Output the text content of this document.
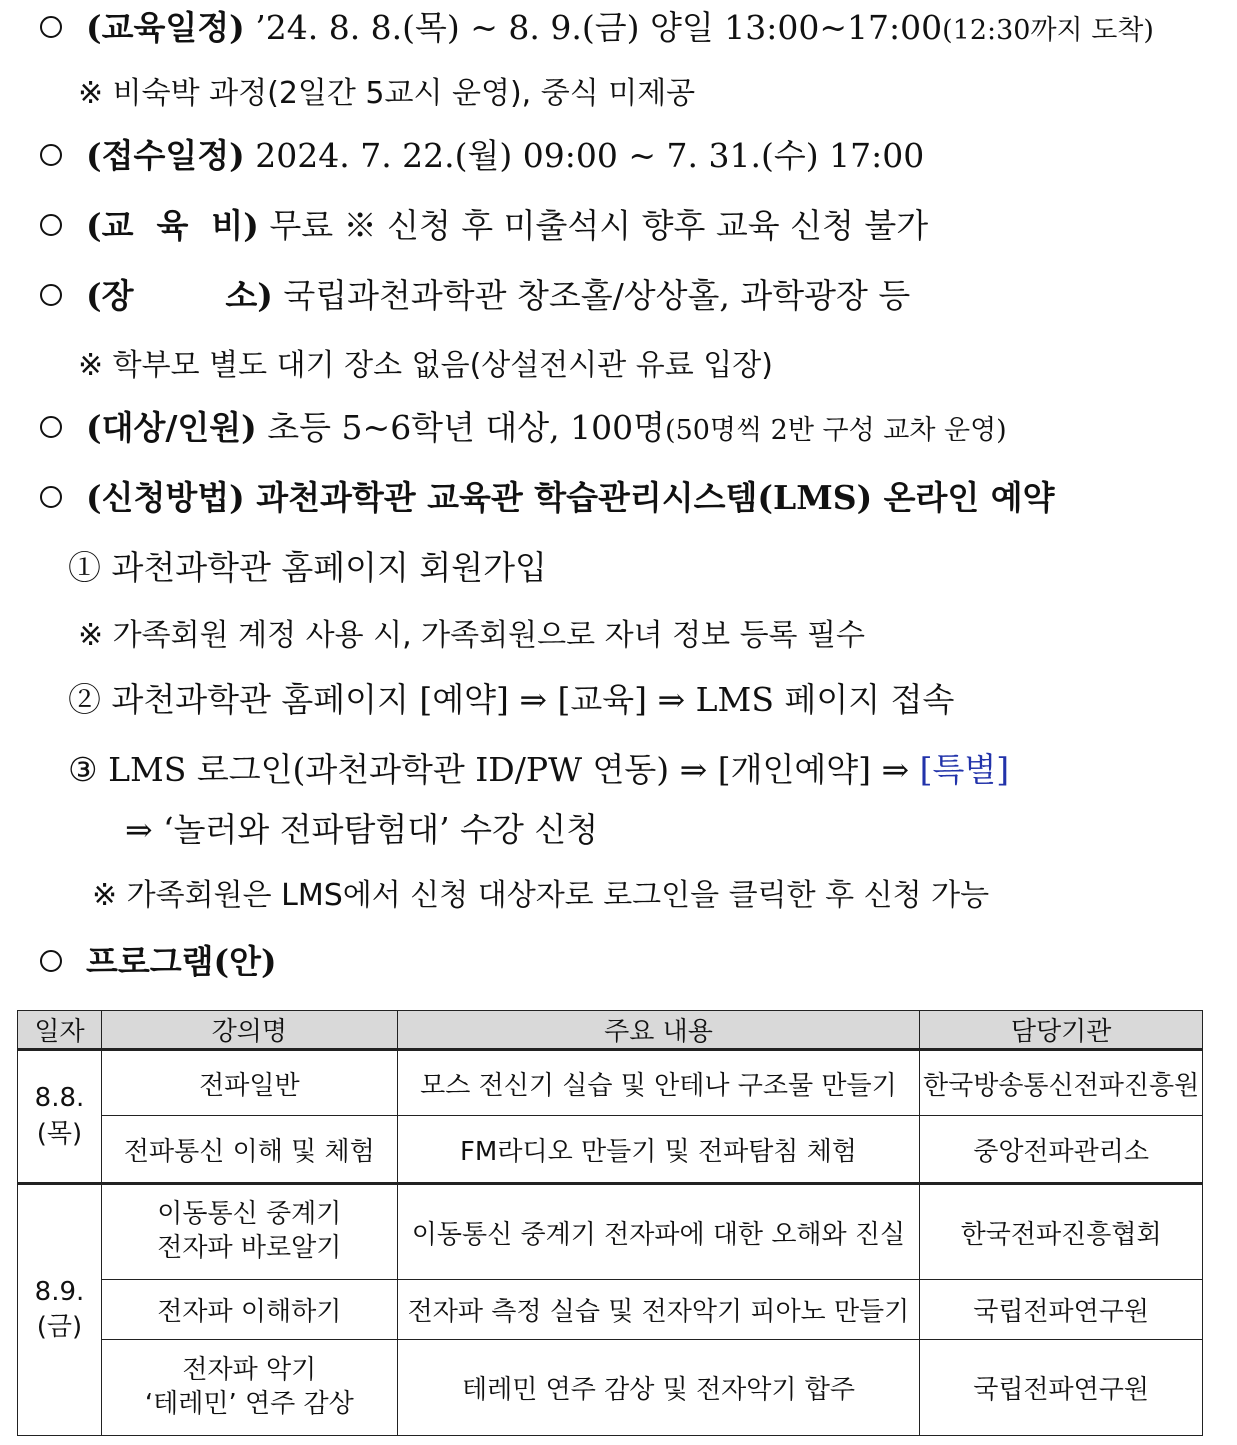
(교육일정) ’24. 8. 8.(목) ~ 8. 9.(금) 양일 13:00~17:00(12:30까지 도착)
※ 비숙박 과정(2일간 5교시 운영), 중식 미제공
(접수일정) 2024. 7. 22.(월) 09:00 ~ 7. 31.(수) 17:00
(교  육  비) 무료 ※ 신청 후 미출석시 향후 교육 신청 불가
(장        소) 국립과천과학관 창조홀/상상홀, 과학광장 등
※ 학부모 별도 대기 장소 없음(상설전시관 유료 입장)
(대상/인원) 초등 5~6학년 대상, 100명(50명씩 2반 구성 교차 운영)
(신청방법) 과천과학관 교육관 학습관리시스템(LMS) 온라인 예약
① 과천과학관 홈페이지 회원가입
※ 가족회원 계정 사용 시, 가족회원으로 자녀 정보 등록 필수
② 과천과학관 홈페이지 [예약] ⇒ [교육] ⇒ LMS 페이지 접속
③ LMS 로그인(과천과학관 ID/PW 연동) ⇒ [개인예약] ⇒ [특별]
⇒ ‘놀러와 전파탐험대’ 수강 신청
※ 가족회원은 LMS에서 신청 대상자로 로그인을 클릭한 후 신청 가능
프로그램(안)
일자	강의명	주요 내용	담당기관
8.8.
(목)	전파일반	모스 전신기 실습 및 안테나 구조물 만들기	한국방송통신전파진흥원
	전파통신 이해 및 체험	FM라디오 만들기 및 전파탐침 체험	중앙전파관리소
8.9.
(금)	이동통신 중계기
전자파 바로알기	이동통신 중계기 전자파에 대한 오해와 진실	한국전파진흥협회
	전자파 이해하기	전자파 측정 실습 및 전자악기 피아노 만들기	국립전파연구원
	전자파 악기
‘테레민’ 연주 감상	테레민 연주 감상 및 전자악기 합주	국립전파연구원
